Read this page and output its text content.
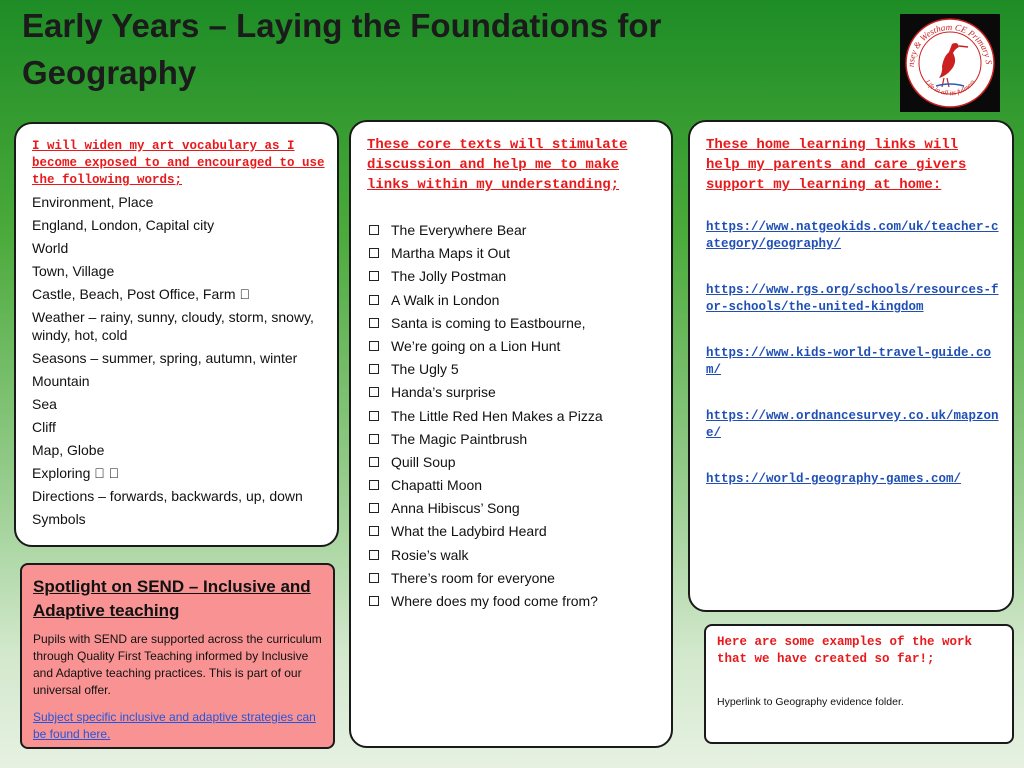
Early Years – Laying the Foundations for Geography	nsey & Westham CE Primary S
Life in all its fullness
I will widen my art vocabulary as I become exposed to and encouraged to use the following words;
Environment, Place
England, London, Capital city
World
Town, Village
Castle, Beach, Post Office, Farm
Weather – rainy, sunny, cloudy, storm, snowy, windy, hot, cold
Seasons – summer, spring, autumn, winter
Mountain
Sea
Cliff
Map, Globe
Exploring
Directions – forwards, backwards, up, down
Symbols
Spotlight on SEND – Inclusive and Adaptive teaching
Pupils with SEND are supported across the curriculum through Quality First Teaching informed by Inclusive and Adaptive teaching practices. This is part of our universal offer.
Subject specific inclusive and adaptive strategies can be found here.
These core texts will stimulate discussion and help me to make links within my understanding;
The Everywhere Bear
Martha Maps it Out
The Jolly Postman
A Walk in London
Santa is coming to Eastbourne,
We’re going on a Lion Hunt
The Ugly 5
Handa’s surprise
The Little Red Hen Makes a Pizza
The Magic Paintbrush
Quill Soup
Chapatti Moon
Anna Hibiscus’ Song
What the Ladybird Heard
Rosie’s walk
There’s room for everyone
Where does my food come from?
These home learning links will help my parents and care givers support my learning at home:
https://www.natgeokids.com/uk/teacher-category/geography/
https://www.rgs.org/schools/resources-for-schools/the-united-kingdom
https://www.kids-world-travel-guide.com/
https://www.ordnancesurvey.co.uk/mapzone/
https://world-geography-games.com/
Here are some examples of the work that we have created so far!;
Hyperlink to Geography evidence folder.
